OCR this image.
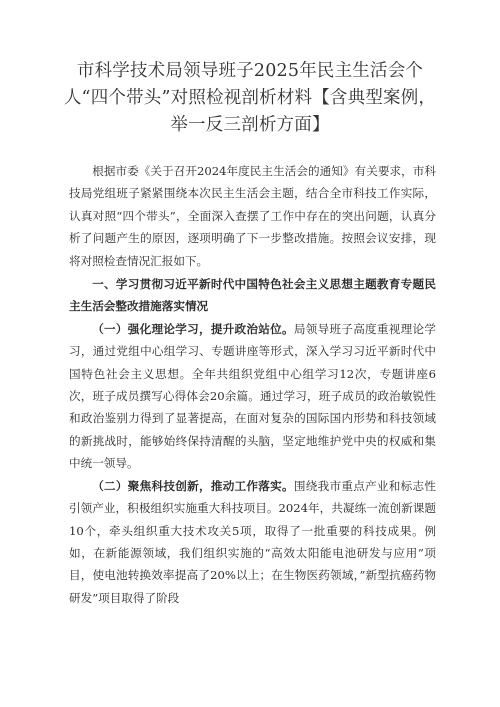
市科学技术局领导班子2025年民主生活会个人“四个带头”对照检视剖析材料【含典型案例，举一反三剖析方面】

根据市委《关于召开2024年度民主生活会的通知》有关要求，市科技局党组班子紧紧围绕本次民主生活会主题，结合全市科技工作实际，认真对照“四个带头”，全面深入查摆了工作中存在的突出问题，认真分析了问题产生的原因，逐项明确了下一步整改措施。按照会议安排，现将对照检查情况汇报如下。

一、学习贯彻习近平新时代中国特色社会主义思想主题教育专题民主生活会整改措施落实情况

（一）强化理论学习，提升政治站位。局领导班子高度重视理论学习，通过党组中心组学习、专题讲座等形式，深入学习习近平新时代中国特色社会主义思想。全年共组织党组中心组学习12次，专题讲座6次，班子成员撰写心得体会20余篇。通过学习，班子成员的政治敏锐性和政治鉴别力得到了显著提高，在面对复杂的国际国内形势和科技领域的新挑战时，能够始终保持清醒的头脑，坚定地维护党中央的权威和集中统一领导。

（二）聚焦科技创新，推动工作落实。围绕我市重点产业和标志性引领产业，积极组织实施重大科技项目。2024年，共凝练一流创新课题10个，牵头组织重大技术攻关5项，取得了一批重要的科技成果。例如，在新能源领域，我们组织实施的“高效太阳能电池研发与应用”项目，使电池转换效率提高了20%以上；在生物医药领域，”新型抗癌药物研发”项目取得了阶段
